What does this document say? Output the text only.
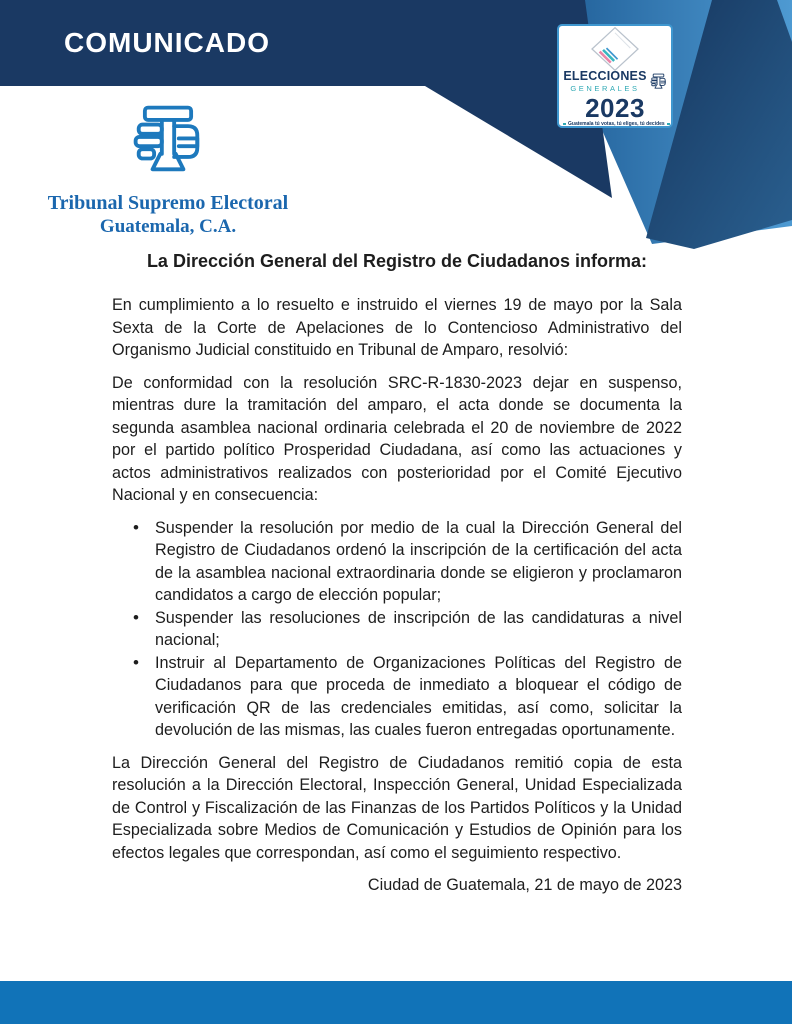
COMUNICADO
ELECCIONES
GENERALES
2023
Guatemala tú votas, tú eliges, tú decides
Tribunal Supremo Electoral
Guatemala, C.A.
La Dirección General del Registro de Ciudadanos informa:

En cumplimiento a lo resuelto e instruido el viernes 19 de mayo por la Sala Sexta de la Corte de Apelaciones de lo Contencioso Administrativo del Organismo Judicial constituido en Tribunal de Amparo, resolvió:

De conformidad con la resolución SRC-R-1830-2023 dejar en suspenso, mientras dure la tramitación del amparo, el acta donde se documenta la segunda asamblea nacional ordinaria celebrada el 20 de noviembre de 2022 por el partido político Prosperidad Ciudadana, así como las actuaciones y actos administrativos realizados con posterioridad por el Comité Ejecutivo Nacional y en consecuencia:

• Suspender la resolución por medio de la cual la Dirección General del Registro de Ciudadanos ordenó la inscripción de la certificación del acta de la asamblea nacional extraordinaria donde se eligieron y proclamaron candidatos a cargo de elección popular;
• Suspender las resoluciones de inscripción de las candidaturas a nivel nacional;
• Instruir al Departamento de Organizaciones Políticas del Registro de Ciudadanos para que proceda de inmediato a bloquear el código de verificación QR de las credenciales emitidas, así como, solicitar la devolución de las mismas, las cuales fueron entregadas oportunamente.

La Dirección General del Registro de Ciudadanos remitió copia de esta resolución a la Dirección Electoral, Inspección General, Unidad Especializada de Control y Fiscalización de las Finanzas de los Partidos Políticos y la Unidad Especializada sobre Medios de Comunicación y Estudios de Opinión para los efectos legales que correspondan, así como el seguimiento respectivo.

Ciudad de Guatemala, 21 de mayo de 2023
